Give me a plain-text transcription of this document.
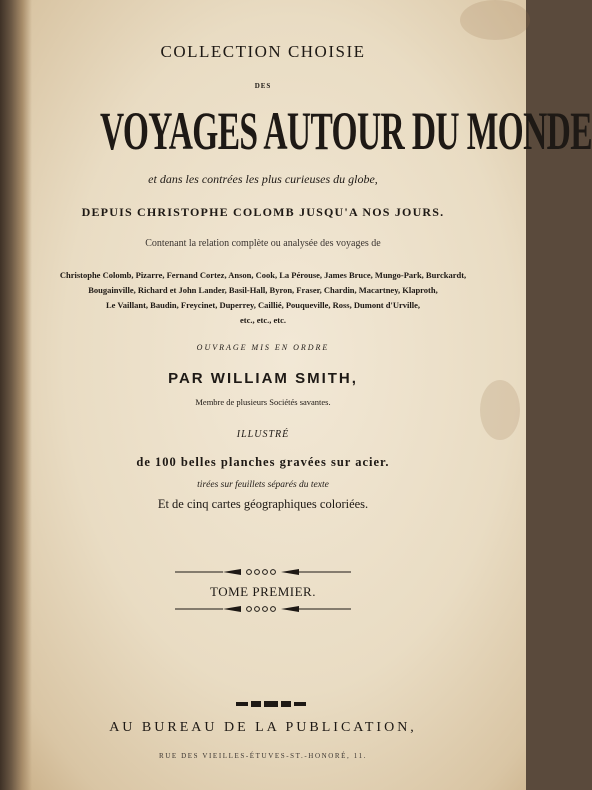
COLLECTION CHOISIE
DES
VOYAGES AUTOUR DU MONDE
et dans les contrées les plus curieuses du globe,
DEPUIS CHRISTOPHE COLOMB JUSQU'A NOS JOURS.
Contenant la relation complète ou analysée des voyages de
Christophe Colomb, Pizarre, Fernand Cortez, Anson, Cook, La Pérouse, James Bruce, Mungo-Park, Burckardt,
Bougainville, Richard et John Lander, Basil-Hall, Byron, Fraser, Chardin, Macartney, Klaproth,
Le Vaillant, Baudin, Freycinet, Duperrey, Caillié, Pouqueville, Ross, Dumont d'Urville,
etc., etc., etc.
OUVRAGE MIS EN ORDRE
PAR WILLIAM SMITH,
Membre de plusieurs Sociétés savantes.
ILLUSTRÉ
de 100 belles planches gravées sur acier.
tirées sur feuillets séparés du texte
Et de cinq cartes géographiques coloriées.
TOME PREMIER.
AU BUREAU DE LA PUBLICATION,
RUE DES VIEILLES-ÉTUVES-ST.-HONORÉ, 11.
